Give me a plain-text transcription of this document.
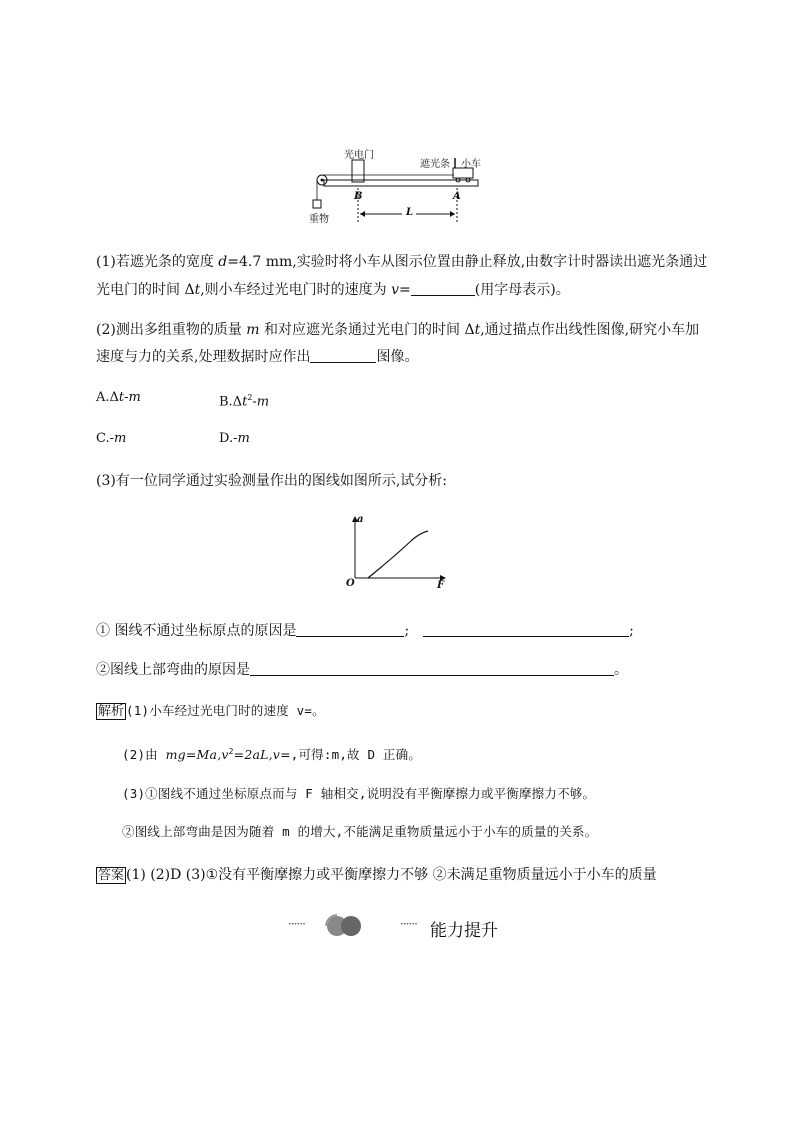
光电门
遮光条 小车
重物
B	A
L
(1)若遮光条的宽度 d=4.7 mm,实验时将小车从图示位置由静止释放,由数字计时器读出遮光条通过
光电门的时间 Δt,则小车经过光电门时的速度为 v=	(用字母表示)。
(2)测出多组重物的质量 m 和对应遮光条通过光电门的时间 Δt,通过描点作出线性图像,研究小车加
速度与力的关系,处理数据时应作出	图像。
A.Δt-m	$B.\Delta t^2-m$
C.-m	D.-m
(3)有一位同学通过实验测量作出的图线如图所示,试分析:
a
F
O
① 图线不通过坐标原点的原因是	;	;
②图线上部弯曲的原因是	。
解析 (1)小车经过光电门时的速度 v=。
(2)由 $mg=Ma,v^2=2aL,v=$,可得:m,故 D 正确。
(3)①图线不通过坐标原点而与 F 轴相交,说明没有平衡摩擦力或平衡摩擦力不够。
②图线上部弯曲是因为随着 m 的增大,不能满足重物质量远小于小车的质量的关系。
答案 (1) (2)D (3)①没有平衡摩擦力或平衡摩擦力不够 ②未满足重物质量远小于小车的质量
······	······ 能力提升
